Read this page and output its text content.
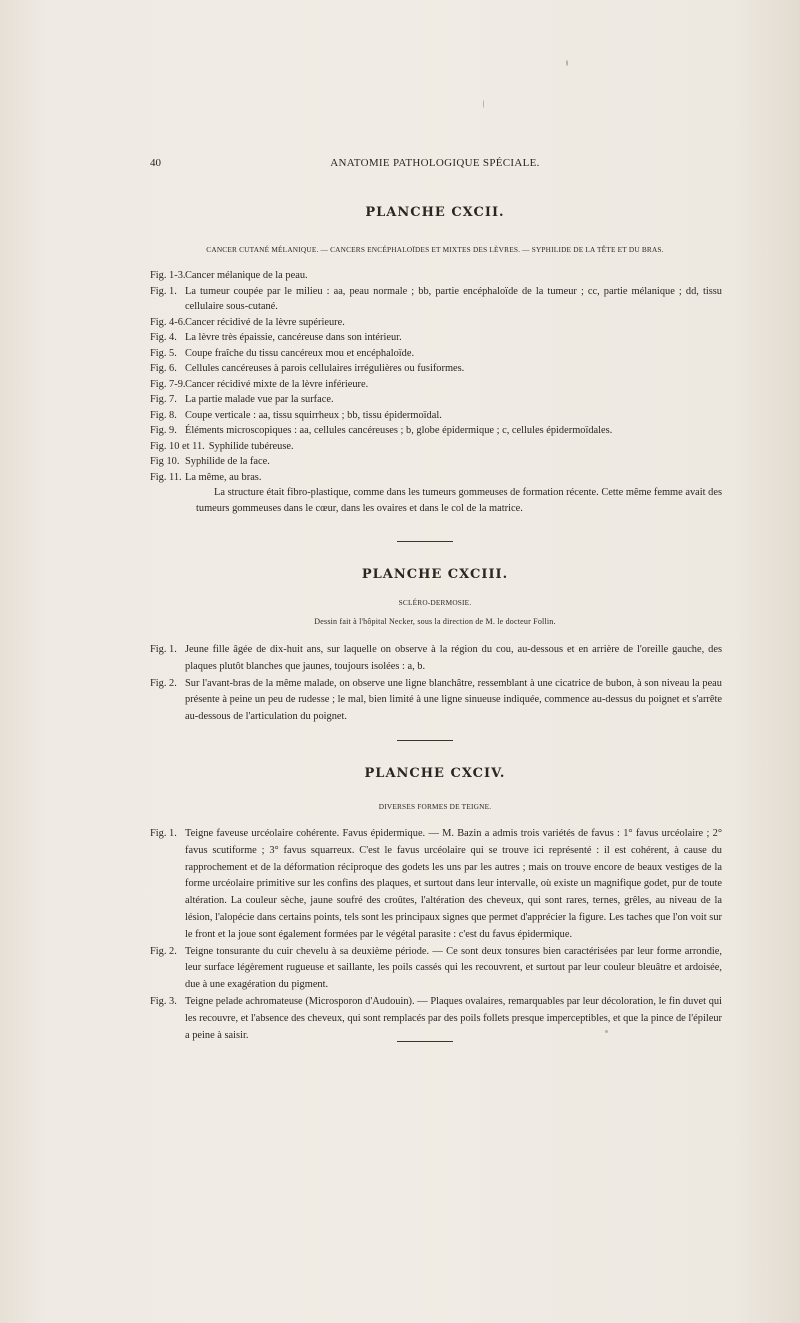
40	ANATOMIE PATHOLOGIQUE SPÉCIALE.
PLANCHE CXCII.
CANCER CUTANÉ MÉLANIQUE. — CANCERS ENCÉPHALOÏDES ET MIXTES DES LÈVRES. — SYPHILIDE DE LA TÊTE ET DU BRAS.
Fig. 1-3. Cancer mélanique de la peau.
Fig. 1. La tumeur coupée par le milieu : aa, peau normale ; bb, partie encéphaloïde de la tumeur ; cc, partie mélanique ; dd, tissu cellulaire sous-cutané.
Fig. 4-6. Cancer récidivé de la lèvre supérieure.
Fig. 4. La lèvre très épaissie, cancéreuse dans son intérieur.
Fig. 5. Coupe fraîche du tissu cancéreux mou et encéphaloïde.
Fig. 6. Cellules cancéreuses à parois cellulaires irrégulières ou fusiformes.
Fig. 7-9. Cancer récidivé mixte de la lèvre inférieure.
Fig. 7. La partie malade vue par la surface.
Fig. 8. Coupe verticale : aa, tissu squirrheux ; bb, tissu épidermoïdal.
Fig. 9. Éléments microscopiques : aa, cellules cancéreuses ; b, globe épidermique ; c, cellules épidermoïdales.
Fig. 10 et 11. Syphilide tubéreuse.
Fig 10. Syphilide de la face.
Fig. 11. La même, au bras.
La structure était fibro-plastique, comme dans les tumeurs gommeuses de formation récente. Cette même femme avait des tumeurs gommeuses dans le cœur, dans les ovaires et dans le col de la matrice.
PLANCHE CXCIII.
SCLÉRO-DERMOSIE.
Dessin fait à l'hôpital Necker, sous la direction de M. le docteur Follin.
Fig. 1. Jeune fille âgée de dix-huit ans, sur laquelle on observe à la région du cou, au-dessous et en arrière de l'oreille gauche, des plaques plutôt blanches que jaunes, toujours isolées : a, b.
Fig. 2. Sur l'avant-bras de la même malade, on observe une ligne blanchâtre, ressemblant à une cicatrice de bubon, à son niveau la peau présente à peine un peu de rudesse ; le mal, bien limité à une ligne sinueuse indiquée, commence au-dessus du poignet et s'arrête au-dessous de l'articulation du poignet.
PLANCHE CXCIV.
DIVERSES FORMES DE TEIGNE.
Fig. 1. Teigne faveuse urcéolaire cohérente. Favus épidermique. — M. Bazin a admis trois variétés de favus : 1° favus urcéolaire ; 2° favus scutiforme ; 3° favus squarreux. C'est le favus urcéolaire qui se trouve ici représenté : il est cohérent, à cause du rapprochement et de la déformation réciproque des godets les uns par les autres ; mais on trouve encore de beaux vestiges de la forme urcéolaire primitive sur les confins des plaques, et surtout dans leur intervalle, où existe un magnifique godet, pur de toute altération. La couleur sèche, jaune soufré des croûtes, l'altération des cheveux, qui sont rares, ternes, grêles, au niveau de la lésion, l'alopécie dans certains points, tels sont les principaux signes que permet d'apprécier la figure. Les taches que l'on voit sur le front et la joue sont également formées par le végétal parasite : c'est du favus épidermique.
Fig. 2. Teigne tonsurante du cuir chevelu à sa deuxième période. — Ce sont deux tonsures bien caractérisées par leur forme arrondie, leur surface légèrement rugueuse et saillante, les poils cassés qui les recouvrent, et surtout par leur couleur bleuâtre et ardoisée, due à une exagération du pigment.
Fig. 3. Teigne pelade achromateuse (Microsporon d'Audouin). — Plaques ovalaires, remarquables par leur décoloration, le fin duvet qui les recouvre, et l'absence des cheveux, qui sont remplacés par des poils follets presque imperceptibles, et que la pince de l'épileur a peine à saisir.
